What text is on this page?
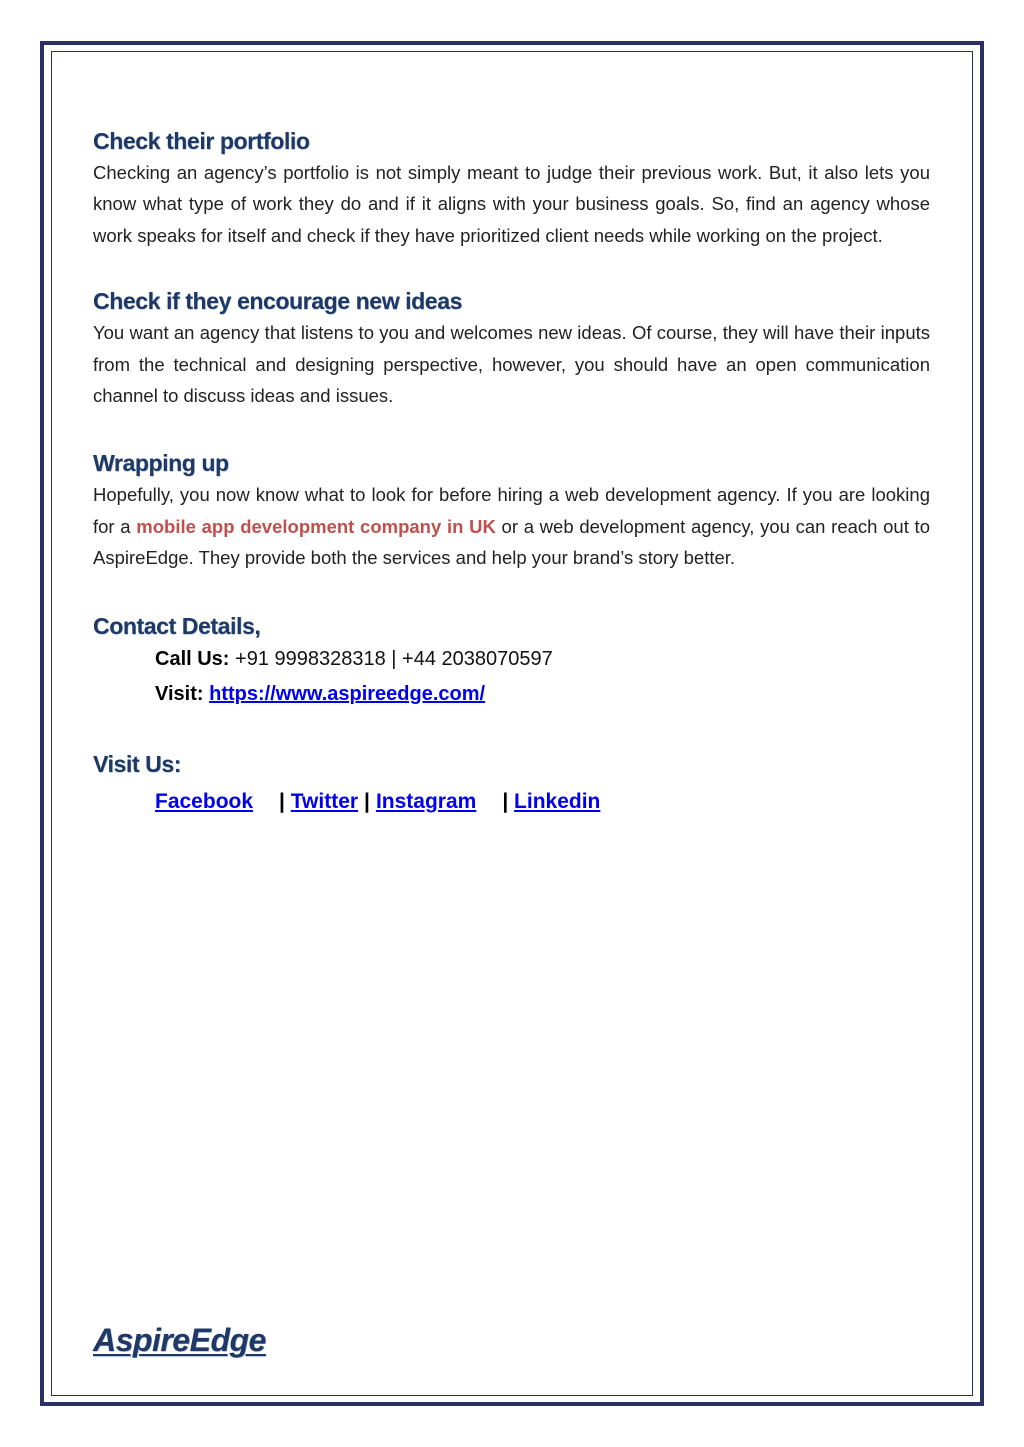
Check their portfolio

Checking an agency’s portfolio is not simply meant to judge their previous work. But, it also lets you know what type of work they do and if it aligns with your business goals. So, find an agency whose work speaks for itself and check if they have prioritized client needs while working on the project.

Check if they encourage new ideas

You want an agency that listens to you and welcomes new ideas. Of course, they will have their inputs from the technical and designing perspective, however, you should have an open communication channel to discuss ideas and issues.

Wrapping up

Hopefully, you now know what to look for before hiring a web development agency. If you are looking for a mobile app development company in UK or a web development agency, you can reach out to AspireEdge. They provide both the services and help your brand’s story better.

Contact Details,
Call Us: +91 9998328318 | +44 2038070597
Visit: https://www.aspireedge.com/
Visit Us:
Facebook | Twitter | Instagram | Linkedin
AspireEdge
